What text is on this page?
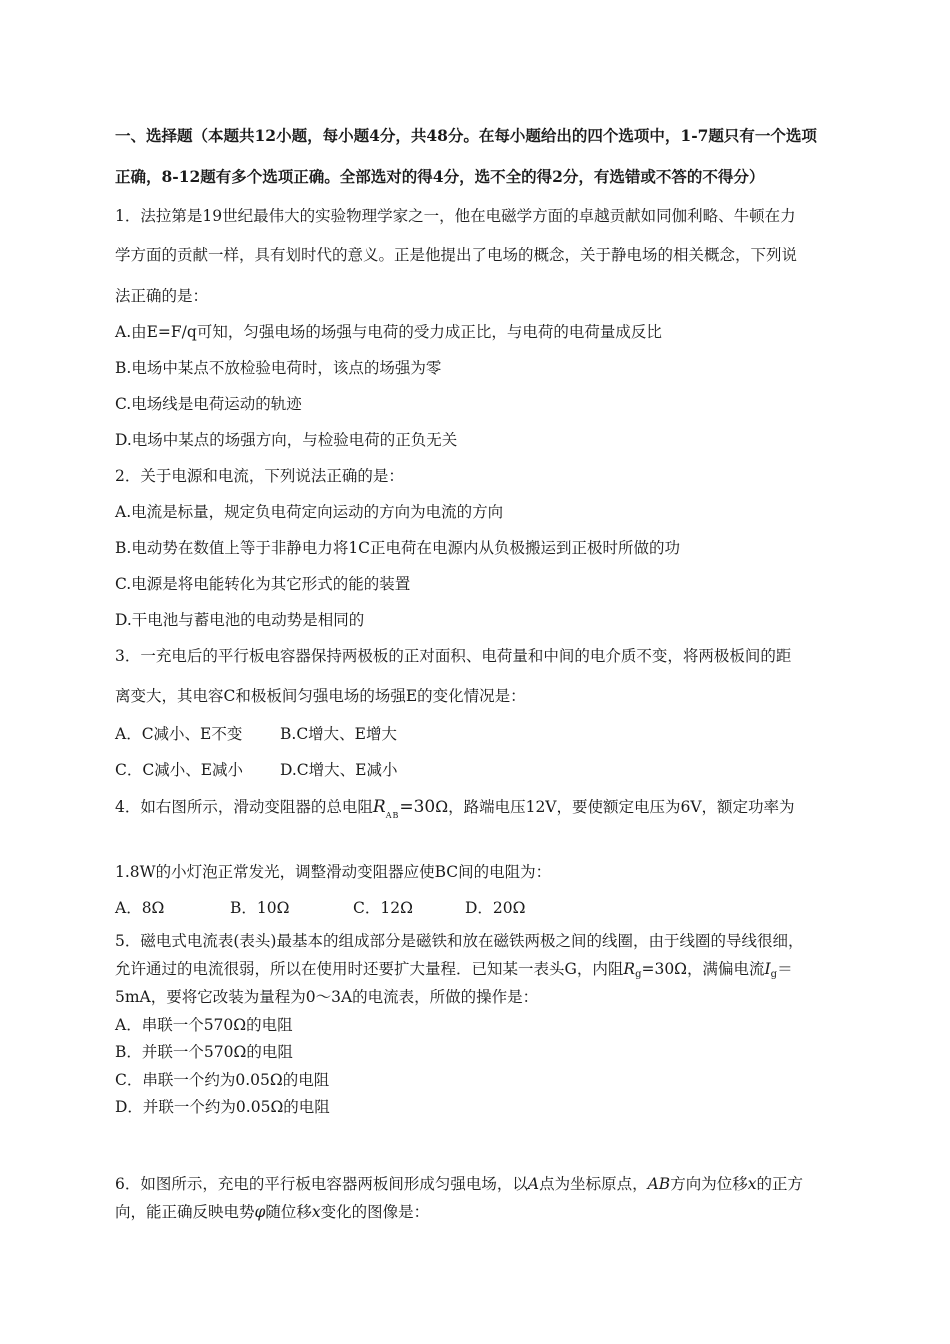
一、选择题（本题共12小题，每小题4分，共48分。在每小题给出的四个选项中，1-7题只有一个选项
正确，8-12题有多个选项正确。全部选对的得4分，选不全的得2分，有选错或不答的不得分）
1．法拉第是19世纪最伟大的实验物理学家之一，他在电磁学方面的卓越贡献如同伽利略、牛顿在力
学方面的贡献一样，具有划时代的意义。正是他提出了电场的概念，关于静电场的相关概念，下列说
法正确的是：
A.由E=F/q可知，匀强电场的场强与电荷的受力成正比，与电荷的电荷量成反比
B.电场中某点不放检验电荷时，该点的场强为零
C.电场线是电荷运动的轨迹
D.电场中某点的场强方向，与检验电荷的正负无关
2．关于电源和电流，下列说法正确的是：
A.电流是标量，规定负电荷定向运动的方向为电流的方向
B.电动势在数值上等于非静电力将1C正电荷在电源内从负极搬运到正极时所做的功
C.电源是将电能转化为其它形式的能的装置
D.干电池与蓄电池的电动势是相同的
3．一充电后的平行板电容器保持两极板的正对面积、电荷量和中间的电介质不变，将两极板间的距
离变大，其电容C和极板间匀强电场的场强E的变化情况是：
A．C减小、E不变 B.C增大、E增大
C．C减小、E减小 D.C增大、E减小
4．如右图所示，滑动变阻器的总电阻$R_{AB}=30\Omega$，路端电压12V，要使额定电压为6V，额定功率为
1.8W的小灯泡正常发光，调整滑动变阻器应使BC间的电阻为：
A．8Ω	B．10Ω	C．12Ω	D．20Ω
5．磁电式电流表(表头)最基本的组成部分是磁铁和放在磁铁两极之间的线圈，由于线圈的导线很细，
允许通过的电流很弱，所以在使用时还要扩大量程．已知某一表头G，内阻Rg=30Ω，满偏电流Ig＝
5mA，要将它改装为量程为0～3A的电流表，所做的操作是：
A．串联一个570Ω的电阻
B．并联一个570Ω的电阻
C．串联一个约为0.05Ω的电阻
D．并联一个约为0.05Ω的电阻
6．如图所示，充电的平行板电容器两板间形成匀强电场，以A点为坐标原点，AB方向为位移x的正方
向，能正确反映电势φ随位移x变化的图像是：
